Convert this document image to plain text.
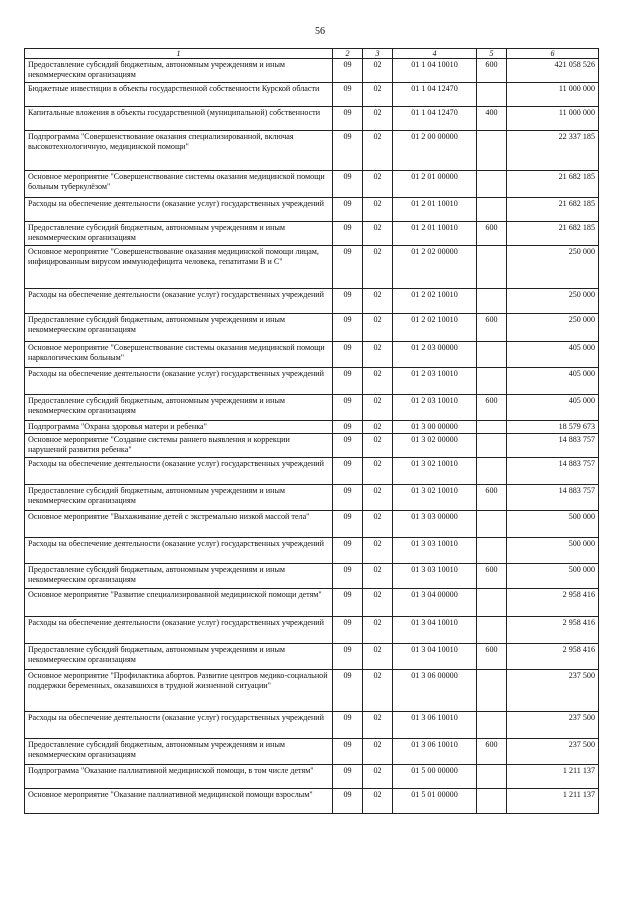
56
1	2	3	4	5	6
Предоставление субсидий бюджетным, автономным учреждениям и иным некоммерческим организациям	09	02	01 1 04 10010	600	421 058 526
Бюджетные инвестиции в объекты государственной собственности Курской области	09	02	01 1 04 12470		11 000 000
Капитальные вложения в объекты государственной (муниципальной) собственности	09	02	01 1 04 12470	400	11 000 000
Подпрограмма "Совершенствование оказания специализированной, включая высокотехнологичную, медицинской помощи"	09	02	01 2 00 00000		22 337 185
Основное мероприятие "Совершенствование системы оказания медицинской помощи больным туберкулёзом"	09	02	01 2 01 00000		21 682 185
Расходы на обеспечение деятельности (оказание услуг) государственных учреждений	09	02	01 2 01 10010		21 682 185
Предоставление субсидий бюджетным, автономным учреждениям и иным некоммерческим организациям	09	02	01 2 01 10010	600	21 682 185
Основное мероприятие "Совершенствование оказания медицинской помощи лицам, инфицированным вирусом иммунодефицита человека, гепатитами В и С"	09	02	01 2 02 00000		250 000
Расходы на обеспечение деятельности (оказание услуг) государственных учреждений	09	02	01 2 02 10010		250 000
Предоставление субсидий бюджетным, автономным учреждениям и иным некоммерческим организациям	09	02	01 2 02 10010	600	250 000
Основное мероприятие "Совершенствование системы оказания медицинской помощи наркологическим больным"	09	02	01 2 03 00000		405 000
Расходы на обеспечение деятельности (оказание услуг) государственных учреждений	09	02	01 2 03 10010		405 000
Предоставление субсидий бюджетным, автономным учреждениям и иным некоммерческим организациям	09	02	01 2 03 10010	600	405 000
Подпрограмма "Охрана здоровья матери и ребенка"	09	02	01 3 00 00000		18 579 673
Основное мероприятие "Создание системы раннего выявления и коррекции нарушений развития ребенка"	09	02	01 3 02 00000		14 883 757
Расходы на обеспечение деятельности (оказание услуг) государственных учреждений	09	02	01 3 02 10010		14 883 757
Предоставление субсидий бюджетным, автономным учреждениям и иным некоммерческим организациям	09	02	01 3 02 10010	600	14 883 757
Основное мероприятие "Выхаживание детей с экстремально низкой массой тела"	09	02	01 3 03 00000		500 000
Расходы на обеспечение деятельности (оказание услуг) государственных учреждений	09	02	01 3 03 10010		500 000
Предоставление субсидий бюджетным, автономным учреждениям и иным некоммерческим организациям	09	02	01 3 03 10010	600	500 000
Основное мероприятие "Развитие специализированной медицинской помощи детям"	09	02	01 3 04 00000		2 958 416
Расходы на обеспечение деятельности (оказание услуг) государственных учреждений	09	02	01 3 04 10010		2 958 416
Предоставление субсидий бюджетным, автономным учреждениям и иным некоммерческим организациям	09	02	01 3 04 10010	600	2 958 416
Основное мероприятие "Профилактика абортов. Развитие центров медико-социальной поддержки беременных, оказавшихся в трудной жизненной ситуации"	09	02	01 3 06 00000		237 500
Расходы на обеспечение деятельности (оказание услуг) государственных учреждений	09	02	01 3 06 10010		237 500
Предоставление субсидий бюджетным, автономным учреждениям и иным некоммерческим организациям	09	02	01 3 06 10010	600	237 500
Подпрограмма "Оказание паллиативной медицинской помощи, в том числе детям"	09	02	01 5 00 00000		1 211 137
Основное мероприятие "Оказание паллиативной медицинской помощи взрослым"	09	02	01 5 01 00000		1 211 137
